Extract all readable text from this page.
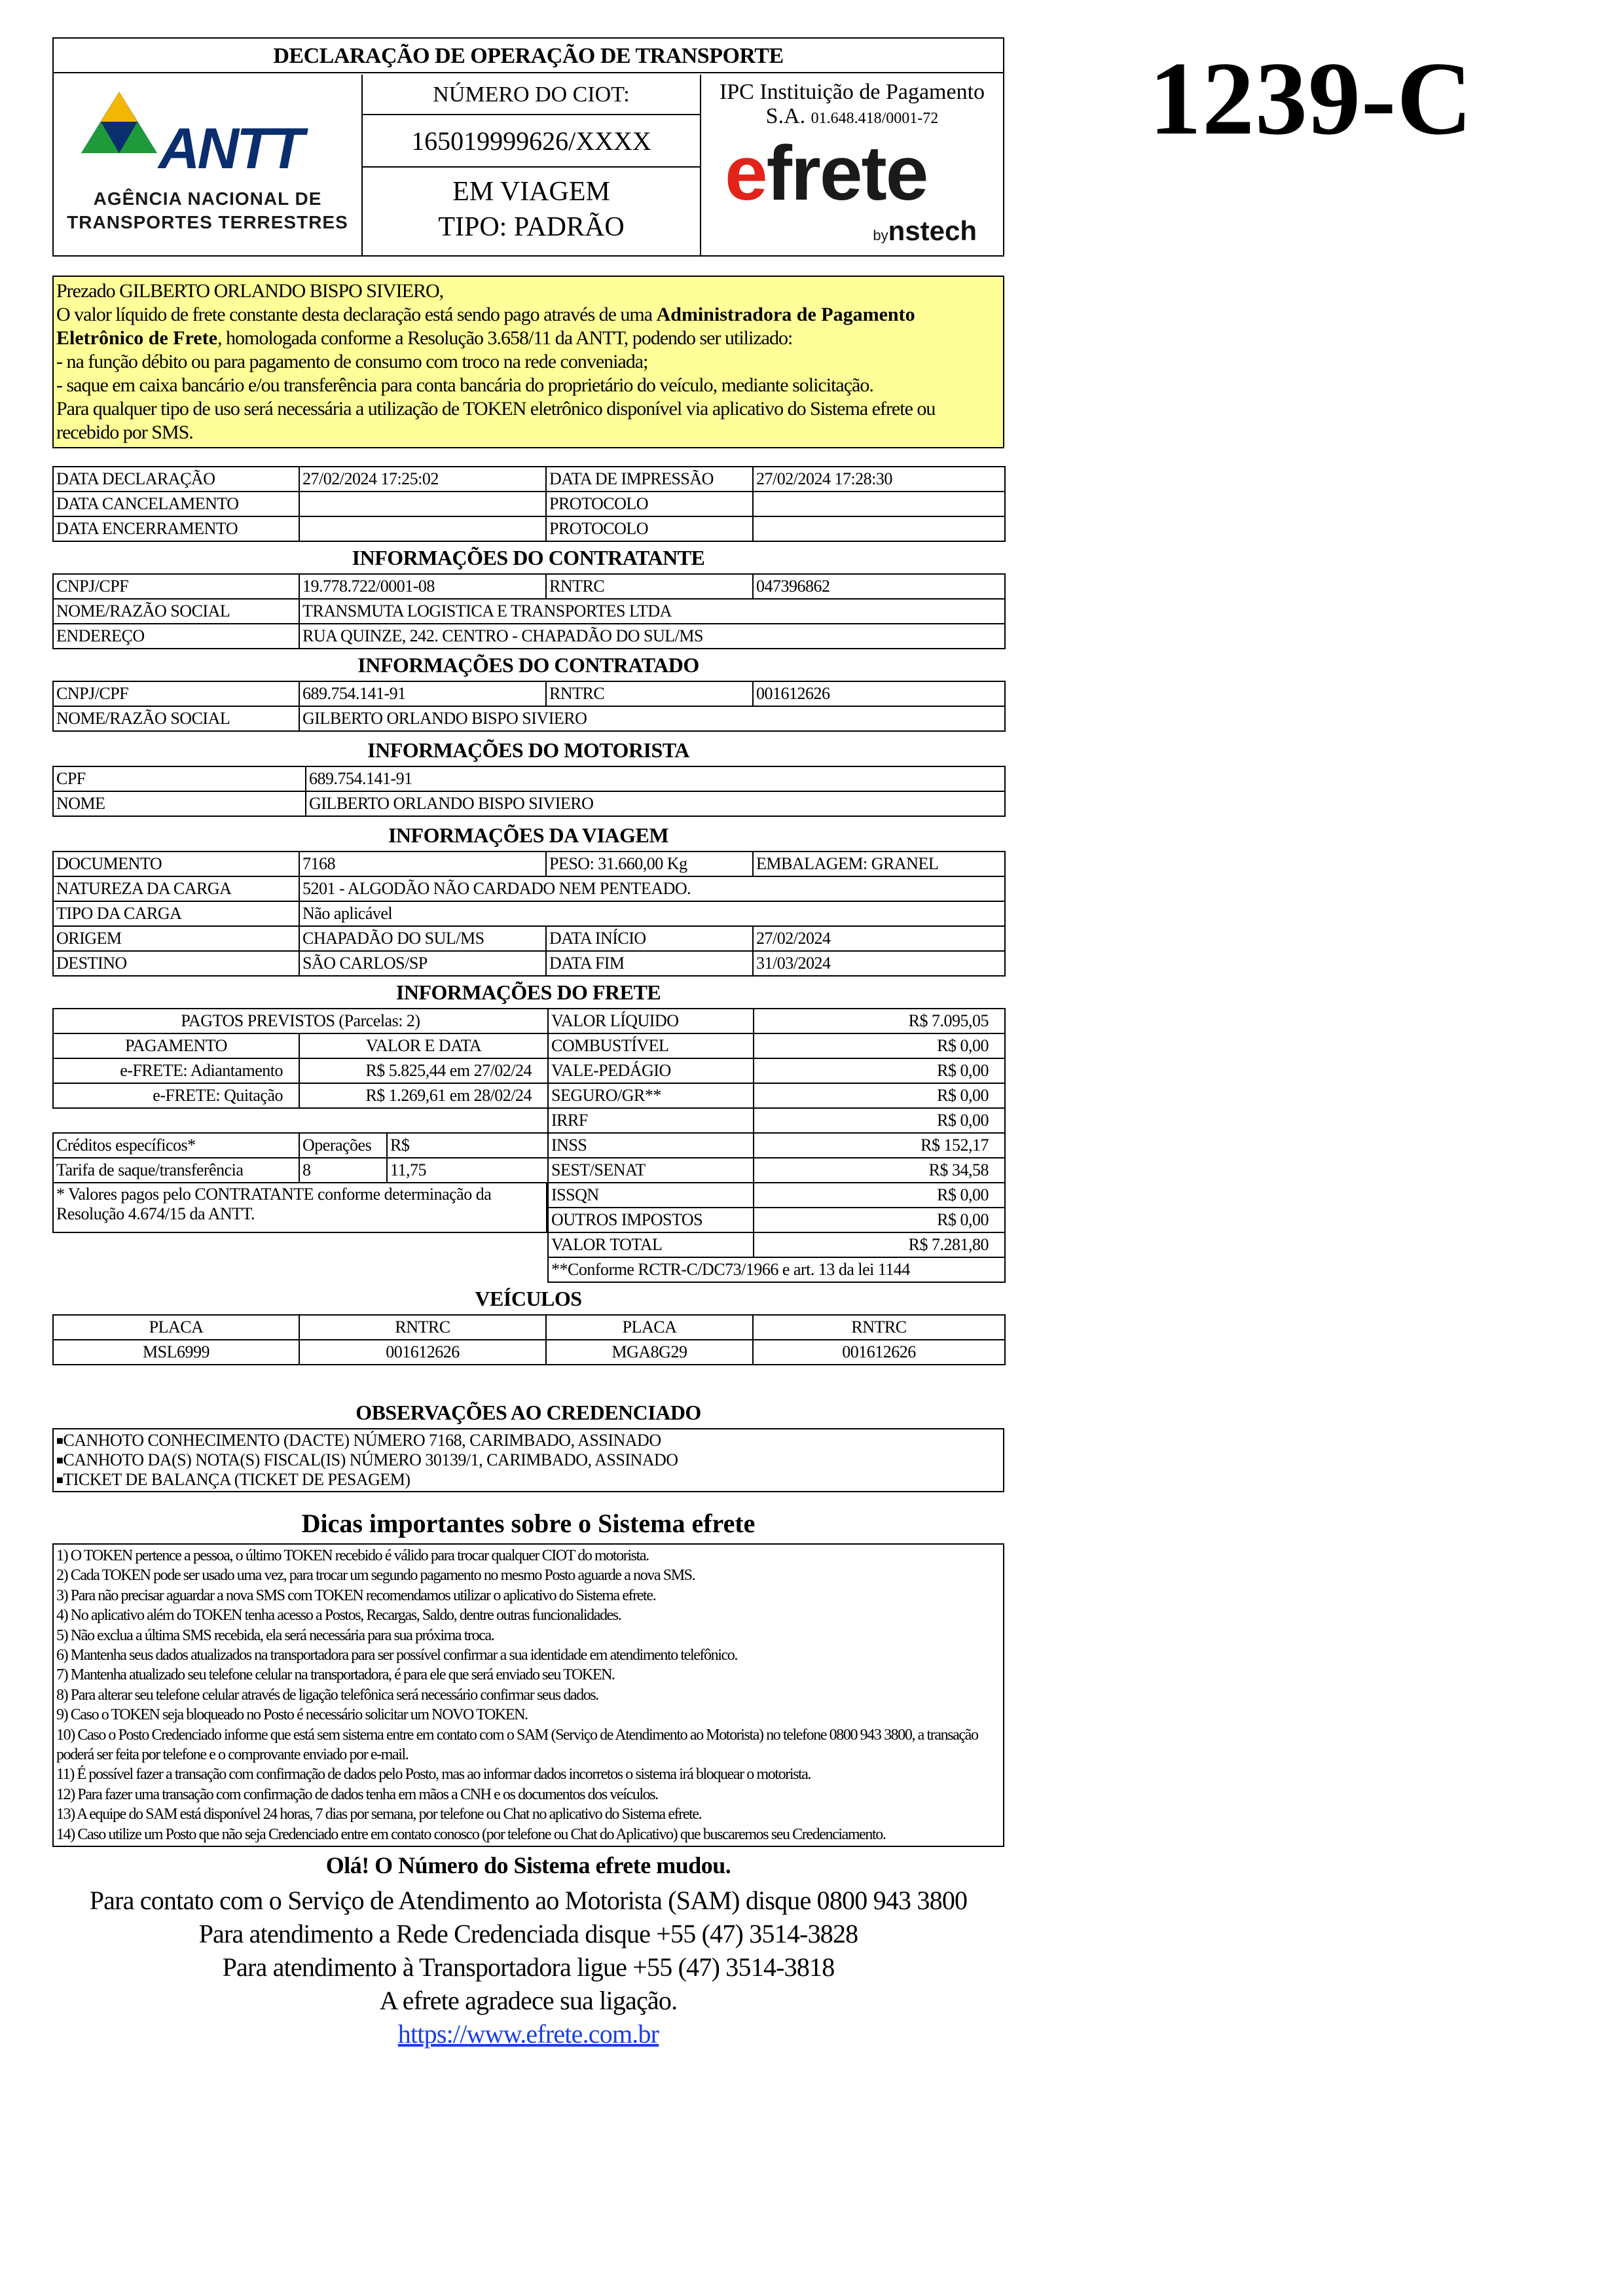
1239-C
DECLARAÇÃO DE OPERAÇÃO DE TRANSPORTE
ANTT
AGÊNCIA NACIONAL DE
TRANSPORTES TERRESTRES
NÚMERO DO CIOT:
165019999626/XXXX
EM VIAGEM
TIPO: PADRÃO
IPC Instituição de Pagamento
S.A. 01.648.418/0001-72
efrete
bynstech
Prezado GILBERTO ORLANDO BISPO SIVIERO,
O valor líquido de frete constante desta declaração está sendo pago através de uma Administradora de Pagamento Eletrônico de Frete, homologada conforme a Resolução 3.658/11 da ANTT, podendo ser utilizado:
- na função débito ou para pagamento de consumo com troco na rede conveniada;
- saque em caixa bancário e/ou transferência para conta bancária do proprietário do veículo, mediante solicitação.
Para qualquer tipo de uso será necessária a utilização de TOKEN eletrônico disponível via aplicativo do Sistema efrete ou recebido por SMS.
DATA DECLARAÇÃO	27/02/2024 17:25:02	DATA DE IMPRESSÃO	27/02/2024 17:28:30
DATA CANCELAMENTO		PROTOCOLO	
DATA ENCERRAMENTO		PROTOCOLO	
INFORMAÇÕES DO CONTRATANTE
CNPJ/CPF	19.778.722/0001-08	RNTRC	047396862
NOME/RAZÃO SOCIAL	TRANSMUTA LOGISTICA E TRANSPORTES LTDA		
ENDEREÇO	RUA QUINZE, 242. CENTRO - CHAPADÃO DO SUL/MS		
INFORMAÇÕES DO CONTRATADO
CNPJ/CPF	689.754.141-91	RNTRC	001612626
NOME/RAZÃO SOCIAL	GILBERTO ORLANDO BISPO SIVIERO		
INFORMAÇÕES DO MOTORISTA
CPF	689.754.141-91
NOME	GILBERTO ORLANDO BISPO SIVIERO
INFORMAÇÕES DA VIAGEM
DOCUMENTO	7168	PESO: 31.660,00 Kg	EMBALAGEM: GRANEL
NATUREZA DA CARGA	5201 - ALGODÃO NÃO CARDADO NEM PENTEADO.		
TIPO DA CARGA	Não aplicável		
ORIGEM	CHAPADÃO DO SUL/MS	DATA INÍCIO	27/02/2024
DESTINO	SÃO CARLOS/SP	DATA FIM	31/03/2024
INFORMAÇÕES DO FRETE
PAGTOS PREVISTOS (Parcelas: 2)		
PAGAMENTO	VALOR E DATA	
e-FRETE: Adiantamento	R$ 5.825,44 em 27/02/24	
e-FRETE: Quitação	R$ 1.269,61 em 28/02/24	

Créditos específicos*	Operações	R$
Tarifa de saque/transferência	8	11,75
* Valores pagos pelo CONTRATANTE conforme determinação da Resolução 4.674/15 da ANTT.
VALOR LÍQUIDO	R$ 7.095,05
COMBUSTÍVEL	R$ 0,00
VALE-PEDÁGIO	R$ 0,00
SEGURO/GR**	R$ 0,00
IRRF	R$ 0,00
INSS	R$ 152,17
SEST/SENAT	R$ 34,58
ISSQN	R$ 0,00
OUTROS IMPOSTOS	R$ 0,00
VALOR TOTAL	R$ 7.281,80
**Conforme RCTR-C/DC73/1966 e art. 13 da lei 1144	
VEÍCULOS
PLACA	RNTRC	PLACA	RNTRC
MSL6999	001612626	MGA8G29	001612626
OBSERVAÇÕES AO CREDENCIADO
■ CANHOTO CONHECIMENTO (DACTE) NÚMERO 7168, CARIMBADO, ASSINADO
■ CANHOTO DA(S) NOTA(S) FISCAL(IS) NÚMERO 30139/1, CARIMBADO, ASSINADO
■ TICKET DE BALANÇA (TICKET DE PESAGEM)
Dicas importantes sobre o Sistema efrete
1) O TOKEN pertence a pessoa, o último TOKEN recebido é válido para trocar qualquer CIOT do motorista.
2) Cada TOKEN pode ser usado uma vez, para trocar um segundo pagamento no mesmo Posto aguarde a nova SMS.
3) Para não precisar aguardar a nova SMS com TOKEN recomendamos utilizar o aplicativo do Sistema efrete.
4) No aplicativo além do TOKEN tenha acesso a Postos, Recargas, Saldo, dentre outras funcionalidades.
5) Não exclua a última SMS recebida, ela será necessária para sua próxima troca.
6) Mantenha seus dados atualizados na transportadora para ser possível confirmar a sua identidade em atendimento telefônico.
7) Mantenha atualizado seu telefone celular na transportadora, é para ele que será enviado seu TOKEN.
8) Para alterar seu telefone celular através de ligação telefônica será necessário confirmar seus dados.
9) Caso o TOKEN seja bloqueado no Posto é necessário solicitar um NOVO TOKEN.
10) Caso o Posto Credenciado informe que está sem sistema entre em contato com o SAM (Serviço de Atendimento ao Motorista) no telefone 0800 943 3800, a transação poderá ser feita por telefone e o comprovante enviado por e-mail.
11) É possível fazer a transação com confirmação de dados pelo Posto, mas ao informar dados incorretos o sistema irá bloquear o motorista.
12) Para fazer uma transação com confirmação de dados tenha em mãos a CNH e os documentos dos veículos.
13) A equipe do SAM está disponível 24 horas, 7 dias por semana, por telefone ou Chat no aplicativo do Sistema efrete.
14) Caso utilize um Posto que não seja Credenciado entre em contato conosco (por telefone ou Chat do Aplicativo) que buscaremos seu Credenciamento.
Olá! O Número do Sistema efrete mudou.
Para contato com o Serviço de Atendimento ao Motorista (SAM) disque 0800 943 3800
Para atendimento a Rede Credenciada disque +55 (47) 3514-3828
Para atendimento à Transportadora ligue +55 (47) 3514-3818
A efrete agradece sua ligação.
https://www.efrete.com.br
